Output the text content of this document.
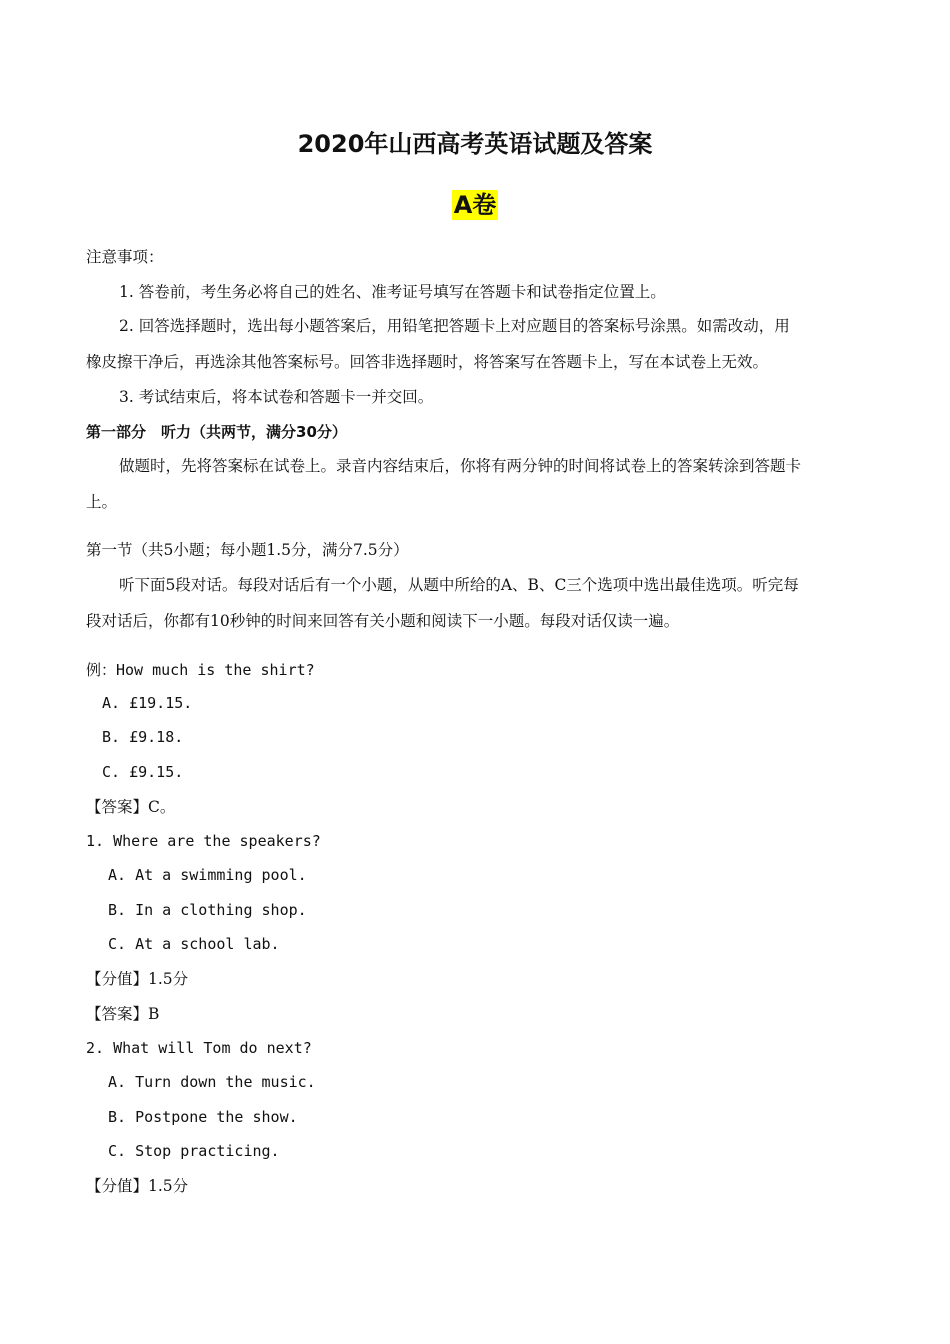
2020年山西高考英语试题及答案
A卷
注意事项：
1. 答卷前，考生务必将自己的姓名、准考证号填写在答题卡和试卷指定位置上。
2. 回答选择题时，选出每小题答案后，用铅笔把答题卡上对应题目的答案标号涂黑。如需改动，用
橡皮擦干净后，再选涂其他答案标号。回答非选择题时，将答案写在答题卡上，写在本试卷上无效。
3. 考试结束后，将本试卷和答题卡一并交回。
第一部分　听力（共两节，满分30分）
做题时，先将答案标在试卷上。录音内容结束后，你将有两分钟的时间将试卷上的答案转涂到答题卡
上。
第一节（共5小题；每小题1.5分，满分7.5分）
听下面5段对话。每段对话后有一个小题，从题中所给的A、B、C三个选项中选出最佳选项。听完每
段对话后，你都有10秒钟的时间来回答有关小题和阅读下一小题。每段对话仅读一遍。
例：How much is the shirt?
A. £19.15.
B. £9.18.
C. £9.15.
【答案】C。
1. Where are the speakers?
A. At a swimming pool.
B. In a clothing shop.
C. At a school lab.
【分值】1.5分
【答案】B
2. What will Tom do next?
A. Turn down the music.
B. Postpone the show.
C. Stop practicing.
【分值】1.5分
